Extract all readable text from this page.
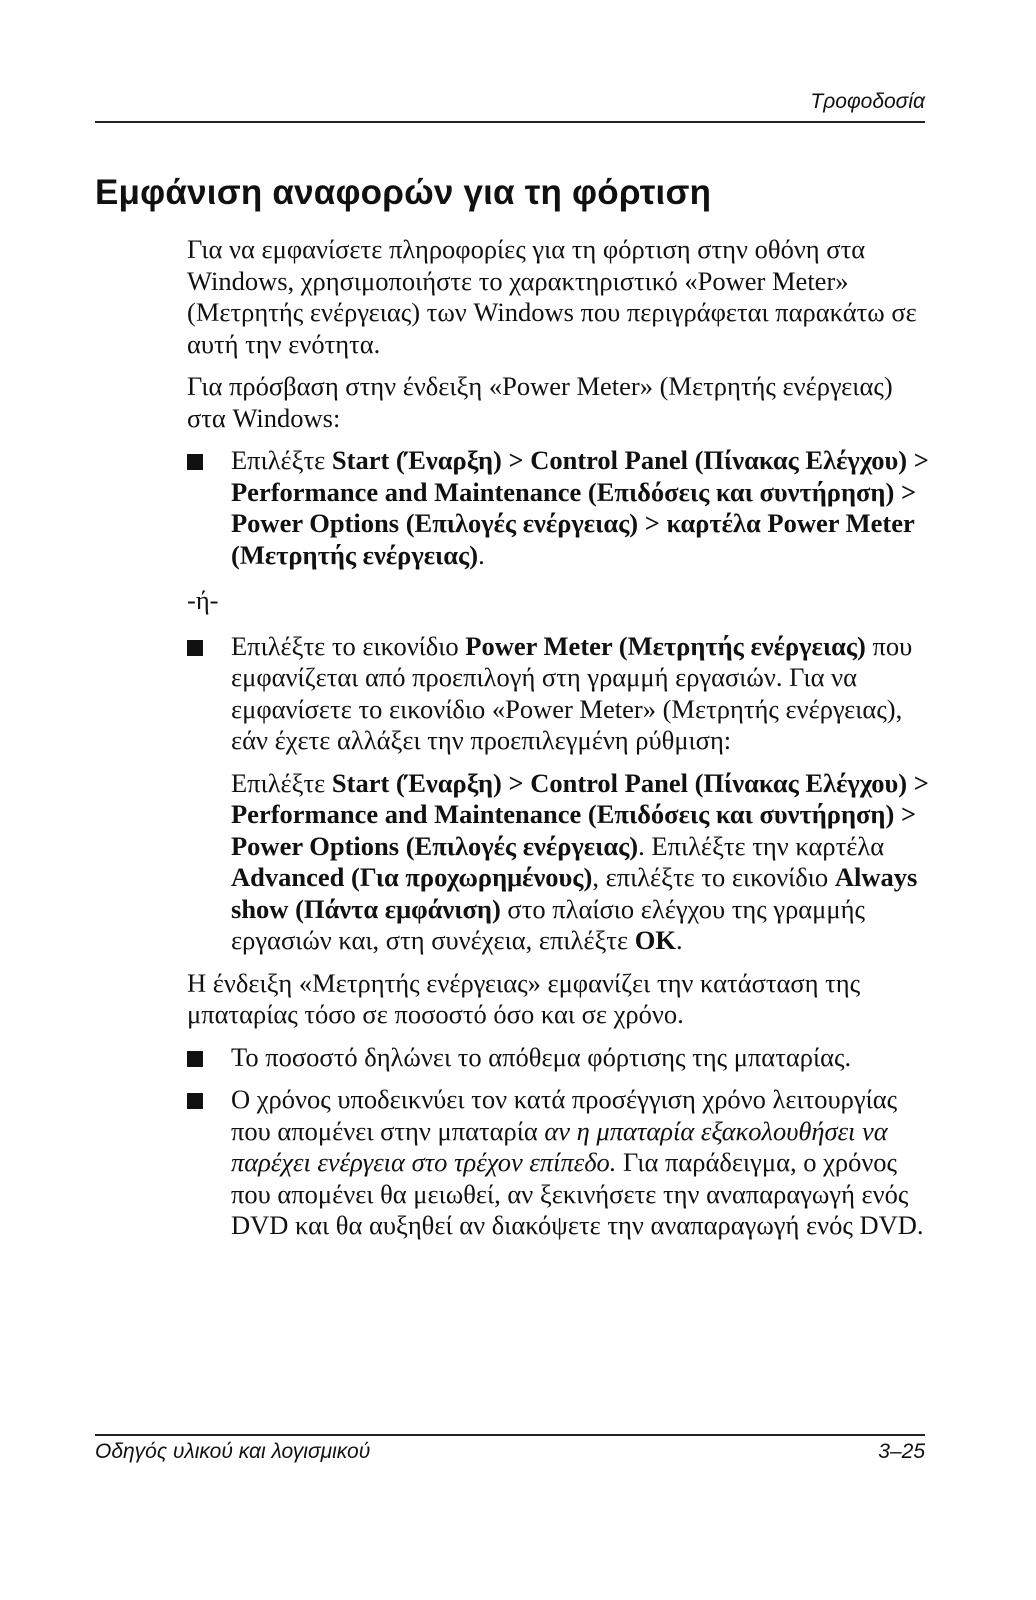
Τροφοδοσία
Εμφάνιση αναφορών για τη φόρτιση

Για να εμφανίσετε πληροφορίες για τη φόρτιση στην οθόνη στα Windows, χρησιμοποιήστε το χαρακτηριστικό «Power Meter» (Μετρητής ενέργειας) των Windows που περιγράφεται παρακάτω σε αυτή την ενότητα.

Για πρόσβαση στην ένδειξη «Power Meter» (Μετρητής ενέργειας) στα Windows:

Επιλέξτε Start (Έναρξη) > Control Panel (Πίνακας Ελέγχου) > Performance and Maintenance (Επιδόσεις και συντήρηση) > Power Options (Επιλογές ενέργειας) > καρτέλα Power Meter (Μετρητής ενέργειας).
-ή-
Επιλέξτε το εικονίδιο Power Meter (Μετρητής ενέργειας) που εμφανίζεται από προεπιλογή στη γραμμή εργασιών. Για να εμφανίσετε το εικονίδιο «Power Meter» (Μετρητής ενέργειας), εάν έχετε αλλάξει την προεπιλεγμένη ρύθμιση:
Επιλέξτε Start (Έναρξη) > Control Panel (Πίνακας Ελέγχου) > Performance and Maintenance (Επιδόσεις και συντήρηση) > Power Options (Επιλογές ενέργειας). Επιλέξτε την καρτέλα Advanced (Για προχωρημένους), επιλέξτε το εικονίδιο Always show (Πάντα εμφάνιση) στο πλαίσιο ελέγχου της γραμμής εργασιών και, στη συνέχεια, επιλέξτε OK.

Η ένδειξη «Μετρητής ενέργειας» εμφανίζει την κατάσταση της μπαταρίας τόσο σε ποσοστό όσο και σε χρόνο.

Το ποσοστό δηλώνει το απόθεμα φόρτισης της μπαταρίας.
Ο χρόνος υποδεικνύει τον κατά προσέγγιση χρόνο λειτουργίας που απομένει στην μπαταρία αν η μπαταρία εξακολουθήσει να παρέχει ενέργεια στο τρέχον επίπεδο. Για παράδειγμα, ο χρόνος που απομένει θα μειωθεί, αν ξεκινήσετε την αναπαραγωγή ενός DVD και θα αυξηθεί αν διακόψετε την αναπαραγωγή ενός DVD.
Οδηγός υλικού και λογισμικού	3–25
